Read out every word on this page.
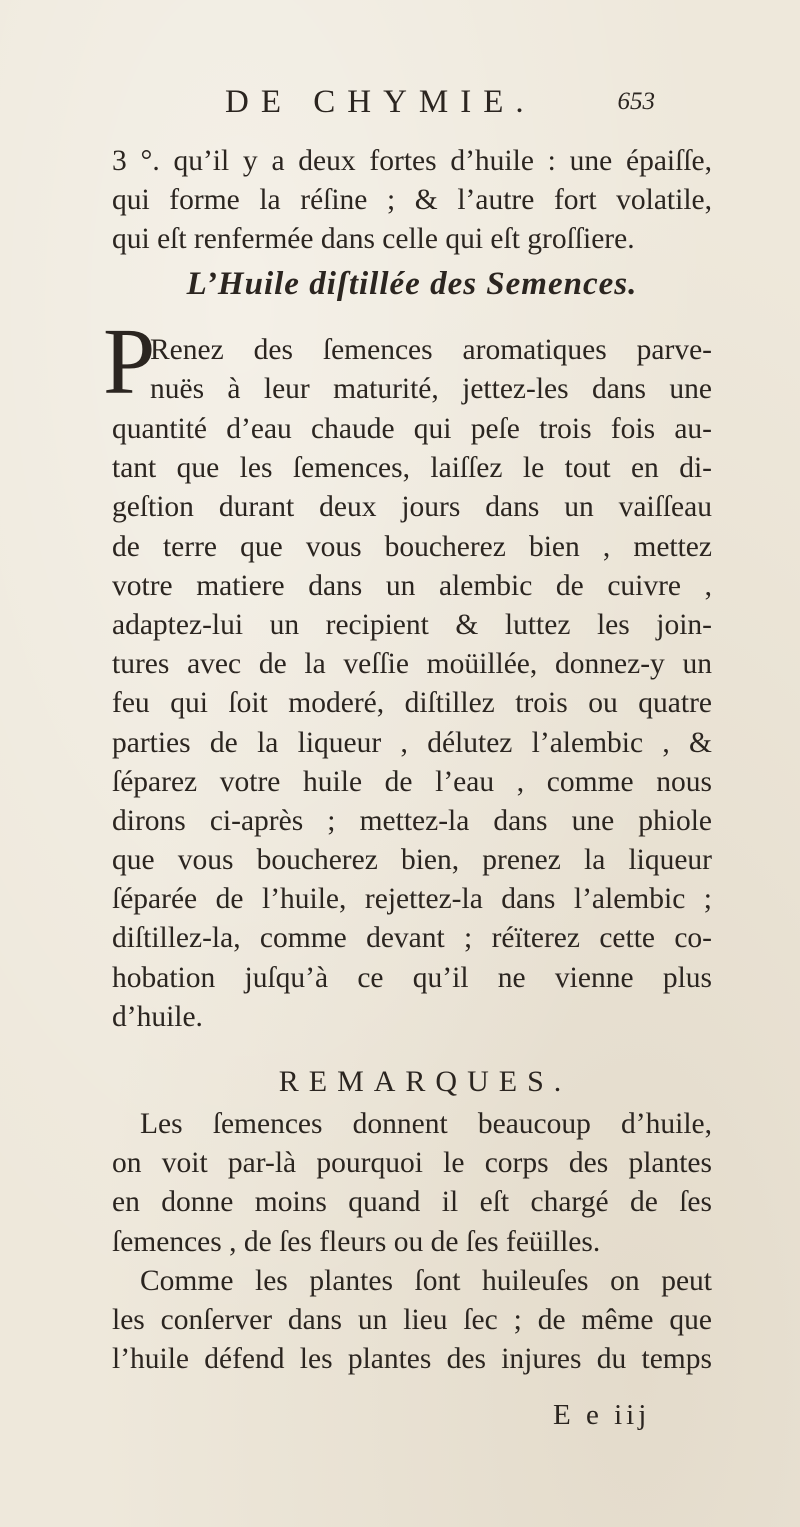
DE CHYMIE.	653
3 °. qu’il y a deux fortes d’huile : une épaiſſe,
qui forme la réſine ; & l’autre fort volatile,
qui eſt renfermée dans celle qui eſt groſſiere.
L’Huile diſtillée des Semences.
P
Renez des ſemences aromatiques parve-
nuës à leur maturité, jettez-les dans une
quantité d’eau chaude qui peſe trois fois au-
tant que les ſemences, laiſſez le tout en di-
geſtion durant deux jours dans un vaiſſeau
de terre que vous boucherez bien , mettez
votre matiere dans un alembic de cuivre ,
adaptez-lui un recipient & luttez les join-
tures avec de la veſſie moüillée, donnez-y un
feu qui ſoit moderé, diſtillez trois ou quatre
parties de la liqueur , délutez l’alembic , &
ſéparez votre huile de l’eau , comme nous
dirons ci-après ; mettez-la dans une phiole
que vous boucherez bien, prenez la liqueur
ſéparée de l’huile, rejettez-la dans l’alembic ;
diſtillez-la, comme devant ; réïterez cette co-
hobation juſqu’à ce qu’il ne vienne plus
d’huile.
REMARQUES.
Les ſemences donnent beaucoup d’huile,
on voit par-là pourquoi le corps des plantes
en donne moins quand il eſt chargé de ſes
ſemences , de ſes fleurs ou de ſes feüilles.
Comme les plantes ſont huileuſes on peut
les conſerver dans un lieu ſec ; de même que
l’huile défend les plantes des injures du temps
E e iij
